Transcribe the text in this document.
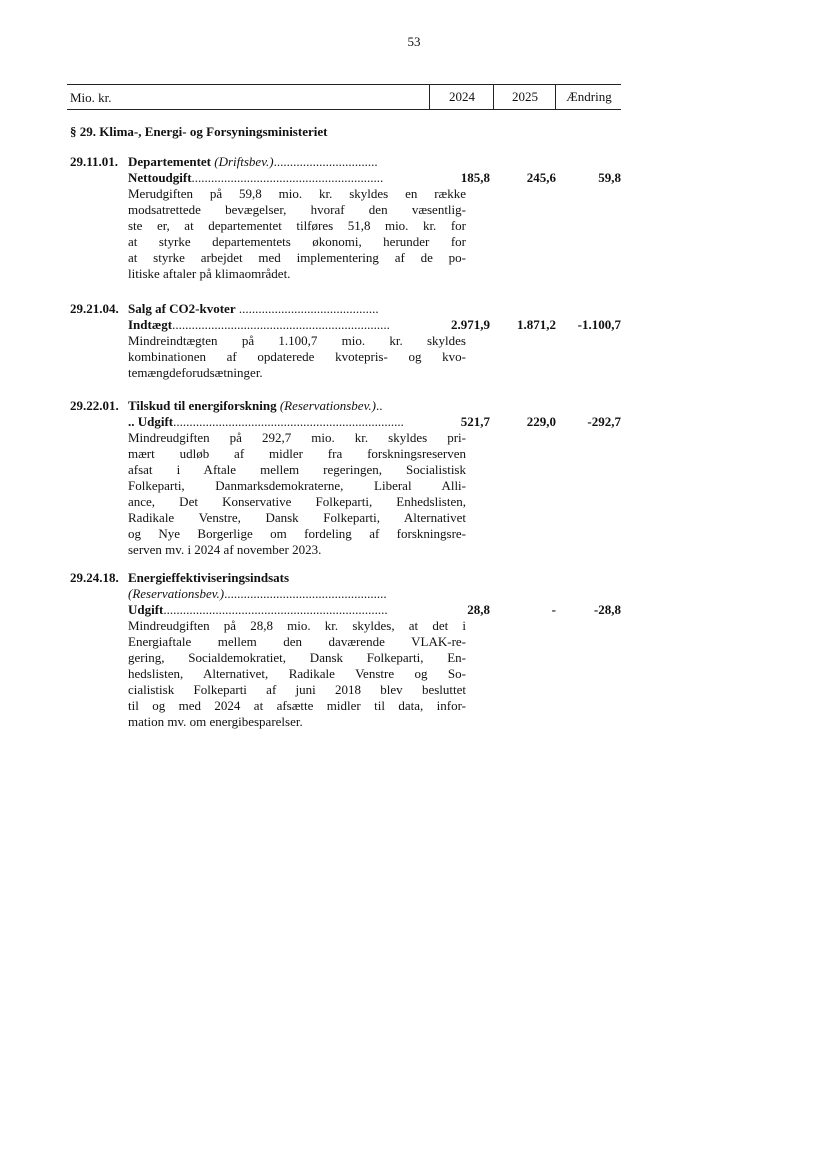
53
Mio. kr.	2024	2025	Ændring
§ 29. Klima-, Energi- og Forsyningsministeriet
29.11.01. Departementet (Driftsbev.)................................
Nettoudgift...........................................................	185,8	245,6	59,8
Merudgiften på 59,8 mio. kr. skyldes en række
modsatrettede bevægelser, hvoraf den væsentlig-
ste er, at departementet tilføres 51,8 mio. kr. for
at styrke departementets økonomi, herunder for
at styrke arbejdet med implementering af de po-
litiske aftaler på klimaområdet.
29.21.04. Salg af CO2-kvoter ...........................................
Indtægt...................................................................	2.971,9	1.871,2	-1.100,7
Mindreindtægten på 1.100,7 mio. kr. skyldes
kombinationen af opdaterede kvotepris- og kvo-
temængdeforudsætninger.
29.22.01. Tilskud til energiforskning (Reservationsbev.)..
.. Udgift.......................................................................	521,7	229,0	-292,7
Mindreudgiften på 292,7 mio. kr. skyldes pri-
mært udløb af midler fra forskningsreserven
afsat i Aftale mellem regeringen, Socialistisk
Folkeparti, Danmarksdemokraterne, Liberal Alli-
ance, Det Konservative Folkeparti, Enhedslisten,
Radikale Venstre, Dansk Folkeparti, Alternativet
og Nye Borgerlige om fordeling af forskningsre-
serven mv. i 2024 af november 2023.
29.24.18. Energieffektiviseringsindsats
(Reservationsbev.)..................................................
Udgift.....................................................................	28,8	-	-28,8
Mindreudgiften på 28,8 mio. kr. skyldes, at det i
Energiaftale mellem den daværende VLAK-re-
gering, Socialdemokratiet, Dansk Folkeparti, En-
hedslisten, Alternativet, Radikale Venstre og So-
cialistisk Folkeparti af juni 2018 blev besluttet
til og med 2024 at afsætte midler til data, infor-
mation mv. om energibesparelser.
